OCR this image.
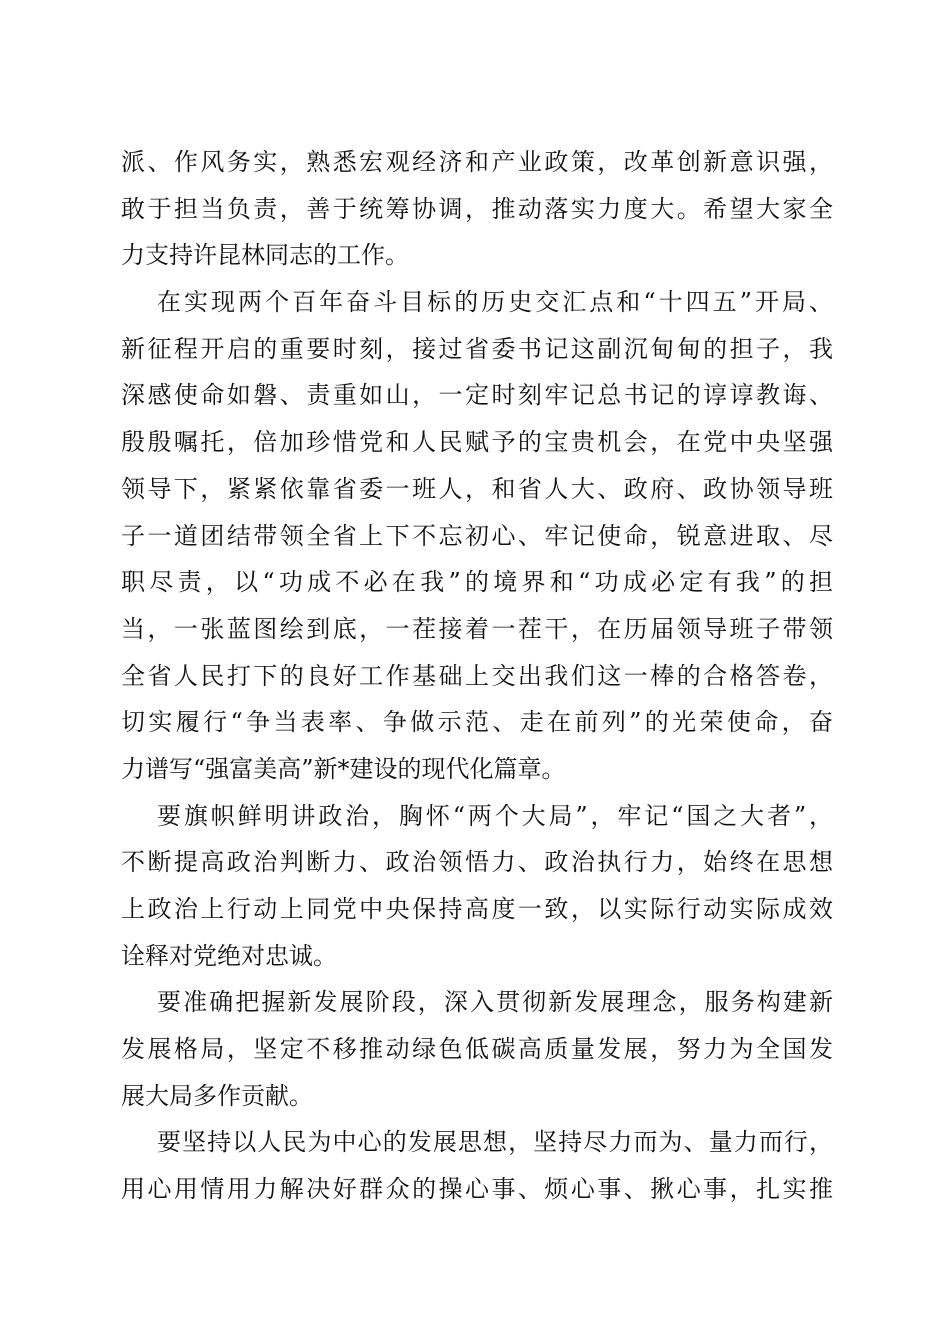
派、作风务实，熟悉宏观经济和产业政策，改革创新意识强，
敢于担当负责，善于统筹协调，推动落实力度大。希望大家全
力支持许昆林同志的工作。
在实现两个百年奋斗目标的历史交汇点和“十四五”开局、
新征程开启的重要时刻，接过省委书记这副沉甸甸的担子，我
深感使命如磐、责重如山，一定时刻牢记总书记的谆谆教诲、
殷殷嘱托，倍加珍惜党和人民赋予的宝贵机会，在党中央坚强
领导下，紧紧依靠省委一班人，和省人大、政府、政协领导班
子一道团结带领全省上下不忘初心、牢记使命，锐意进取、尽
职尽责，以“功成不必在我”的境界和“功成必定有我”的担
当，一张蓝图绘到底，一茬接着一茬干，在历届领导班子带领
全省人民打下的良好工作基础上交出我们这一棒的合格答卷，
切实履行“争当表率、争做示范、走在前列”的光荣使命，奋
力谱写“强富美高”新*建设的现代化篇章。
要旗帜鲜明讲政治，胸怀“两个大局”，牢记“国之大者”，
不断提高政治判断力、政治领悟力、政治执行力，始终在思想
上政治上行动上同党中央保持高度一致，以实际行动实际成效
诠释对党绝对忠诚。
要准确把握新发展阶段，深入贯彻新发展理念，服务构建新
发展格局，坚定不移推动绿色低碳高质量发展，努力为全国发
展大局多作贡献。
要坚持以人民为中心的发展思想，坚持尽力而为、量力而行，
用心用情用力解决好群众的操心事、烦心事、揪心事，扎实推
